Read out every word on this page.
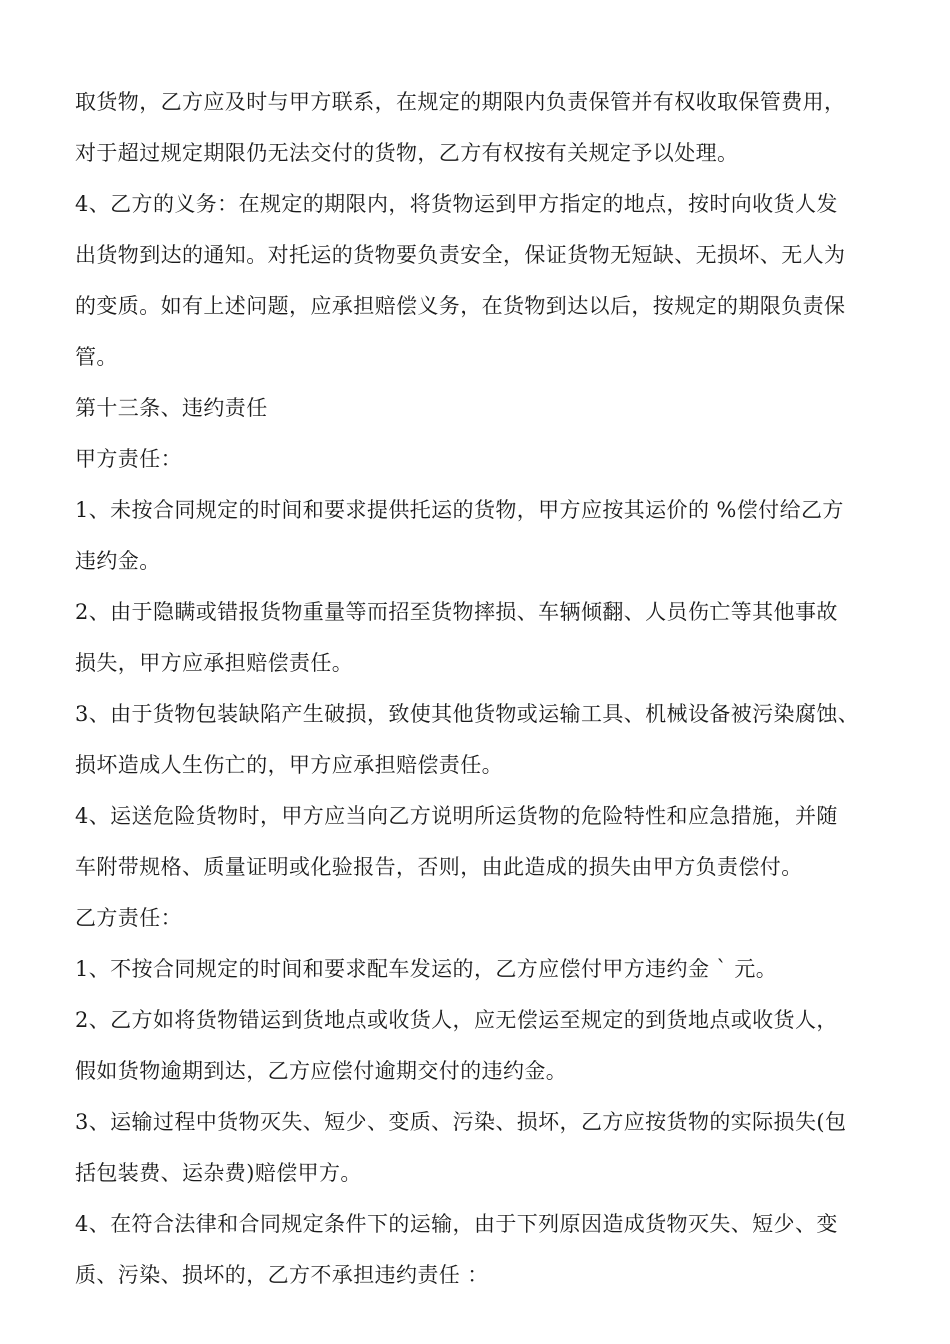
取货物，乙方应及时与甲方联系，在规定的期限内负责保管并有权收取保管费用，
对于超过规定期限仍无法交付的货物，乙方有权按有关规定予以处理。
4、乙方的义务：在规定的期限内，将货物运到甲方指定的地点，按时向收货人发
出货物到达的通知。对托运的货物要负责安全，保证货物无短缺、无损坏、无人为
的变质。如有上述问题，应承担赔偿义务，在货物到达以后，按规定的期限负责保
管。
第十三条、违约责任
甲方责任：
1、未按合同规定的时间和要求提供托运的货物，甲方应按其运价的 %偿付给乙方
违约金。
2、由于隐瞒或错报货物重量等而招至货物摔损、车辆倾翻、人员伤亡等其他事故
损失，甲方应承担赔偿责任。
3、由于货物包装缺陷产生破损，致使其他货物或运输工具、机械设备被污染腐蚀、
损坏造成人生伤亡的，甲方应承担赔偿责任。
4、运送危险货物时，甲方应当向乙方说明所运货物的危险特性和应急措施，并随
车附带规格、质量证明或化验报告，否则，由此造成的损失由甲方负责偿付。
乙方责任：
1、不按合同规定的时间和要求配车发运的，乙方应偿付甲方违约金 ` 元。
2、乙方如将货物错运到货地点或收货人，应无偿运至规定的到货地点或收货人，
假如货物逾期到达，乙方应偿付逾期交付的违约金。
3、运输过程中货物灭失、短少、变质、污染、损坏，乙方应按货物的实际损失(包
括包装费、运杂费)赔偿甲方。
4、在符合法律和合同规定条件下的运输，由于下列原因造成货物灭失、短少、变
质、污染、损坏的，乙方不承担违约责任 ：
